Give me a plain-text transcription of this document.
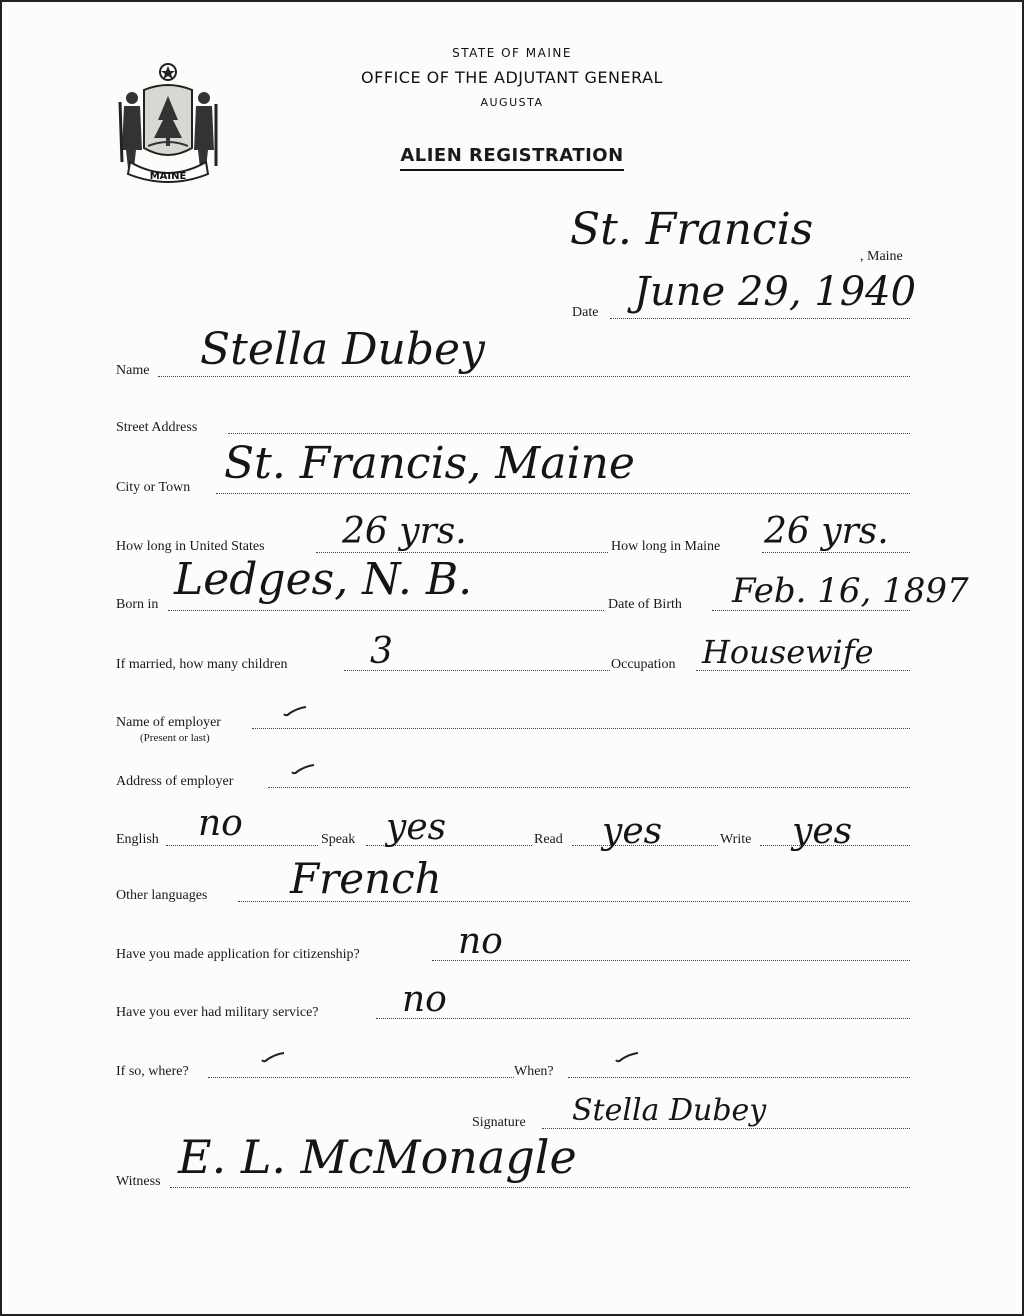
MAINE
STATE OF MAINE
OFFICE OF THE ADJUTANT GENERAL
AUGUSTA
ALIEN REGISTRATION
St. Francis
, Maine
Date June 29, 1940
Name Stella Dubey
Street Address
City or Town St. Francis, Maine
How long in United States 26 yrs.	How long in Maine 26 yrs.
Born in Ledges, N. B.	Date of Birth Feb. 16, 1897
If married, how many children 3	Occupation Housewife
Name of employer
(Present or last)
Address of employer
English no	Speak yes	Read yes	Write yes
Other languages French
Have you made application for citizenship?	no
Have you ever had military service? no
If so, where?	When?
Signature Stella Dubey
Witness E. L. McMonagle
